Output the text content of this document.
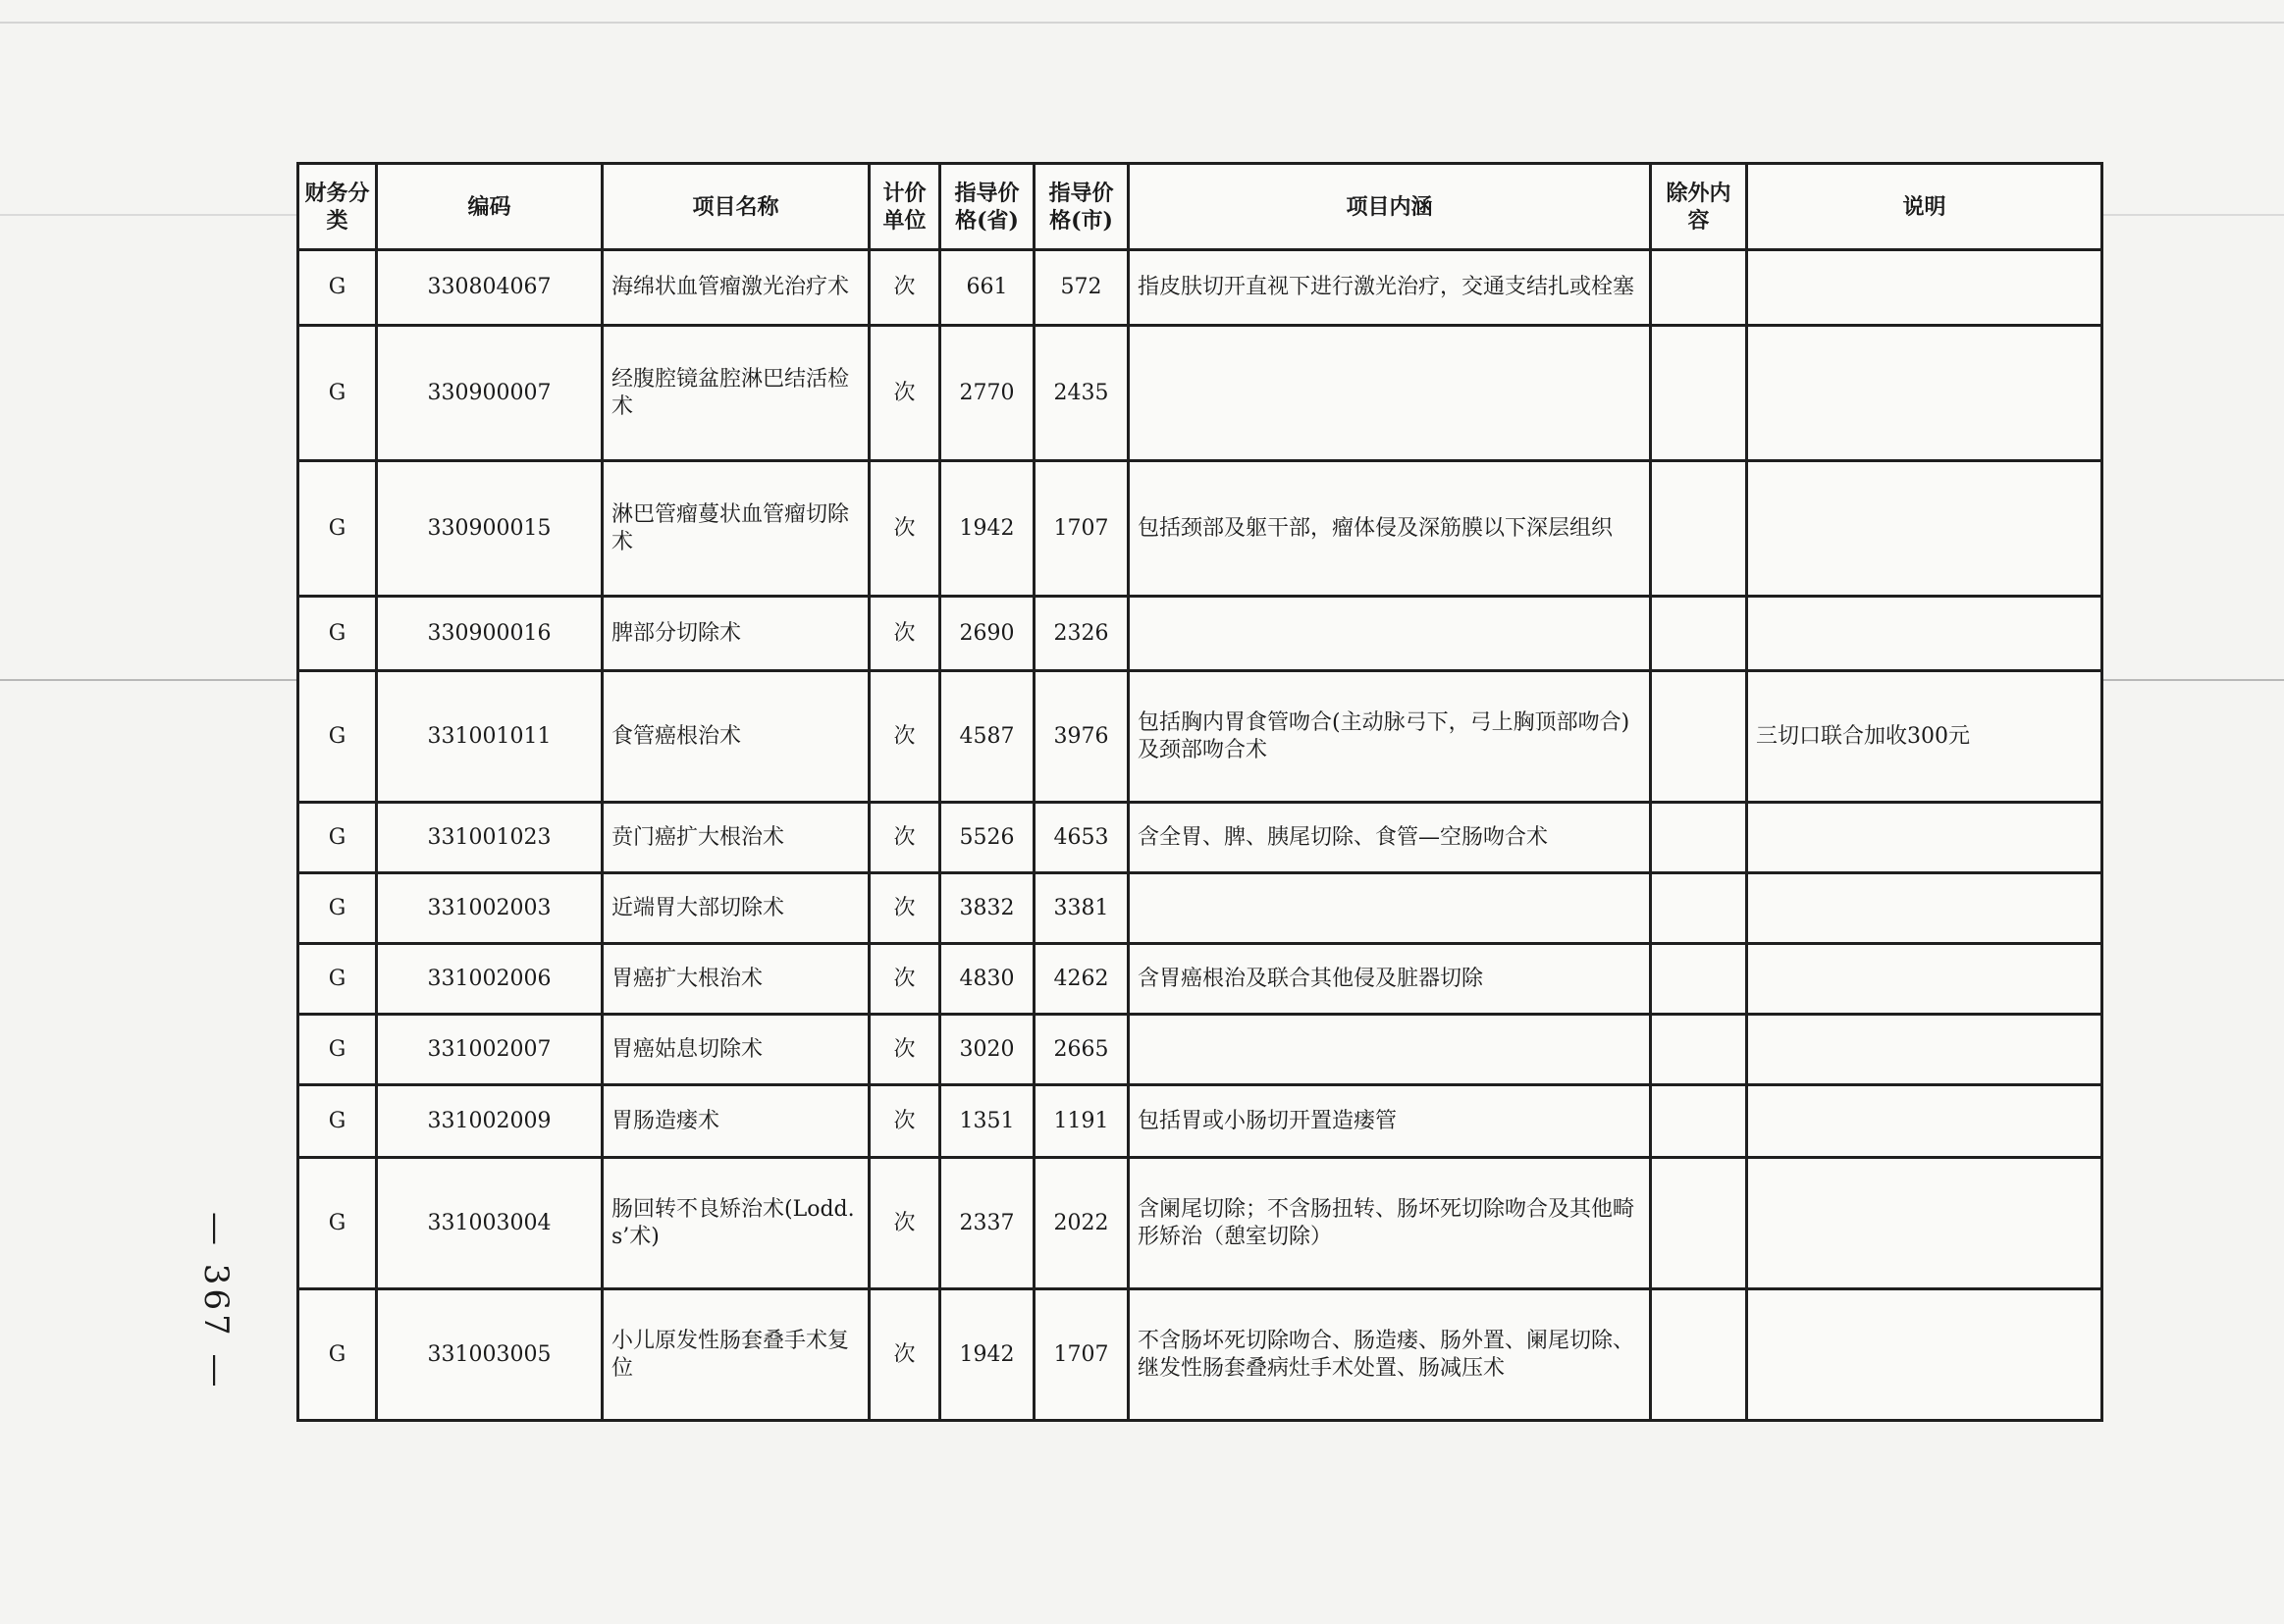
— 367 —
财务分类	编码	项目名称	计价单位	指导价格(省)	指导价格(市)	项目内涵	除外内容	说明
G	330804067	海绵状血管瘤激光治疗术	次	661	572	指皮肤切开直视下进行激光治疗，交通支结扎或栓塞		
G	330900007	经腹腔镜盆腔淋巴结活检术	次	2770	2435			
G	330900015	淋巴管瘤蔓状血管瘤切除术	次	1942	1707	包括颈部及躯干部，瘤体侵及深筋膜以下深层组织		
G	330900016	脾部分切除术	次	2690	2326			
G	331001011	食管癌根治术	次	4587	3976	包括胸内胃食管吻合(主动脉弓下，弓上胸顶部吻合)及颈部吻合术		三切口联合加收300元
G	331001023	贲门癌扩大根治术	次	5526	4653	含全胃、脾、胰尾切除、食管—空肠吻合术		
G	331002003	近端胃大部切除术	次	3832	3381			
G	331002006	胃癌扩大根治术	次	4830	4262	含胃癌根治及联合其他侵及脏器切除		
G	331002007	胃癌姑息切除术	次	3020	2665			
G	331002009	胃肠造瘘术	次	1351	1191	包括胃或小肠切开置造瘘管		
G	331003004	肠回转不良矫治术(Lodd. s’术)	次	2337	2022	含阑尾切除；不含肠扭转、肠坏死切除吻合及其他畸形矫治（憩室切除）		
G	331003005	小儿原发性肠套叠手术复位	次	1942	1707	不含肠坏死切除吻合、肠造瘘、肠外置、阑尾切除、继发性肠套叠病灶手术处置、肠减压术		
